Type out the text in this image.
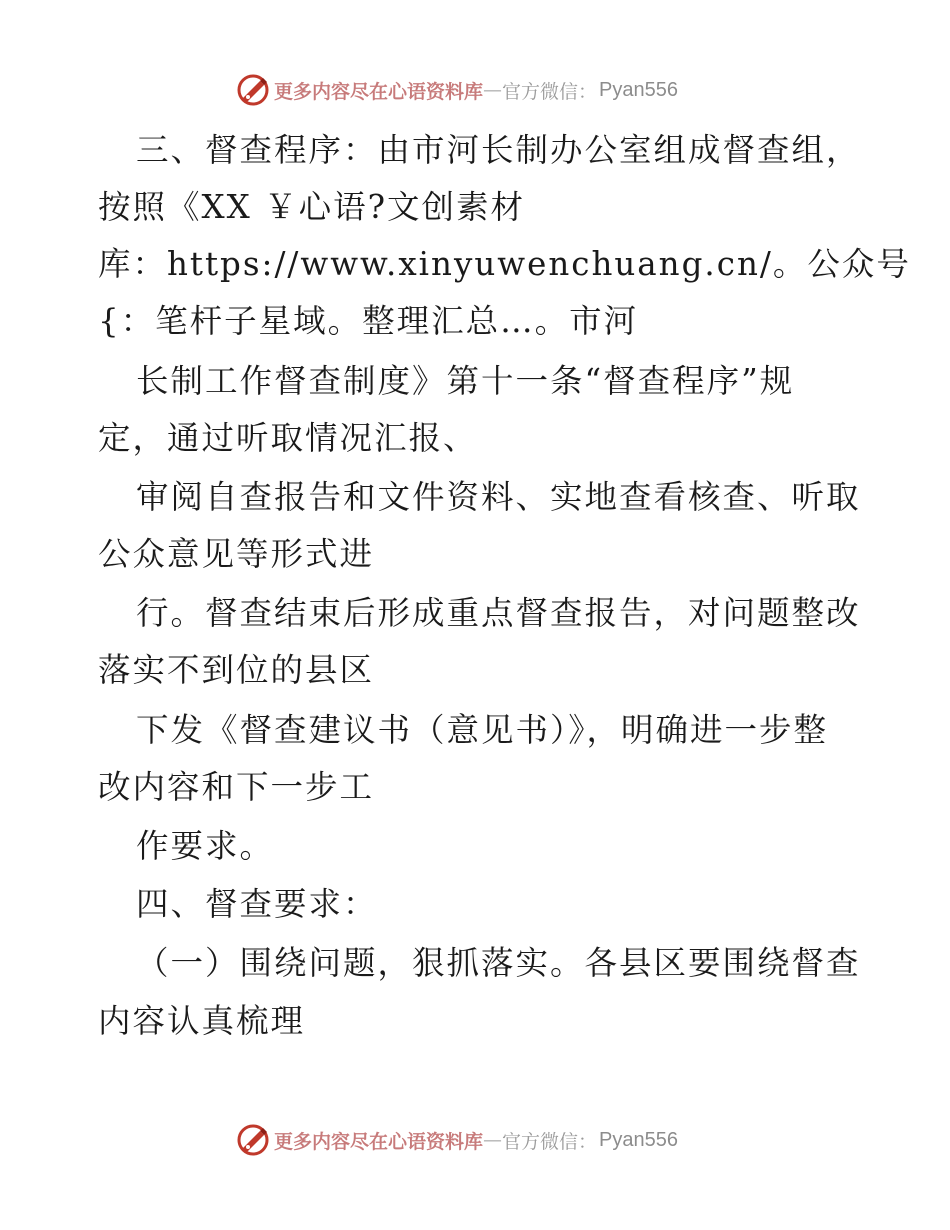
更多内容尽在心语资料库 — 官方微信： Pyan556

三、督查程序：由市河长制办公室组成督查组，

按照《XX ￥心语?文创素材

库：https://www.xinyuwenchuang.cn/。公众号

{：笔杆子星域。整理汇总…。市河

长制工作督查制度》第十一条“督查程序”规

定，通过听取情况汇报、

审阅自查报告和文件资料、实地查看核查、听取

公众意见等形式进

行。督查结束后形成重点督查报告，对问题整改

落实不到位的县区

下发《督查建议书（意见书）》，明确进一步整

改内容和下一步工

作要求。

四、督查要求：

（一）围绕问题，狠抓落实。各县区要围绕督查

内容认真梳理

更多内容尽在心语资料库 — 官方微信： Pyan556
